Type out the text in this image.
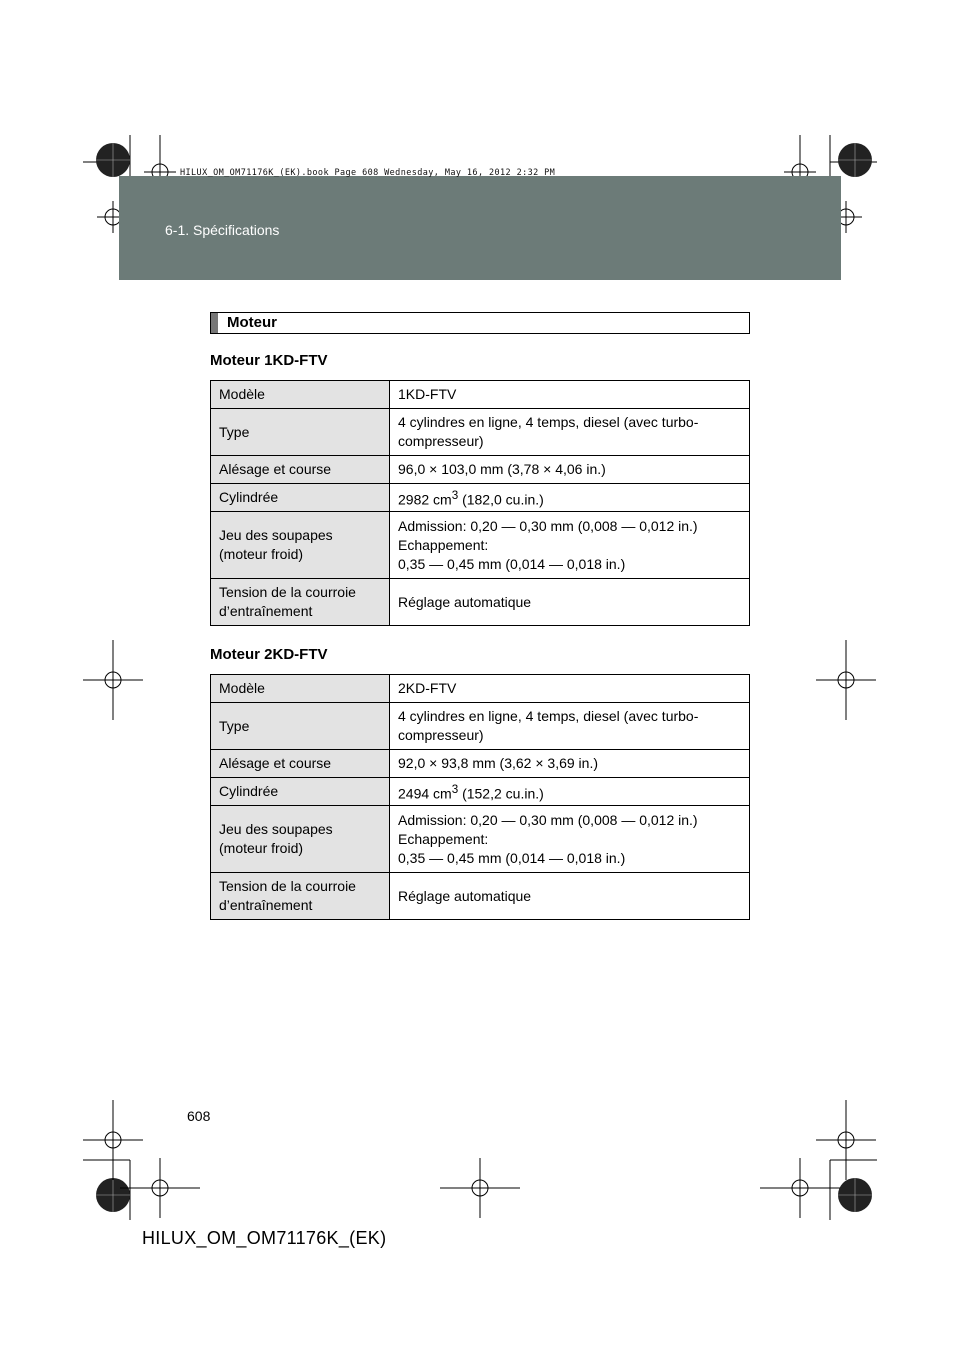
6-1. Spécifications
HILUX_OM_OM71176K_(EK).book Page 608 Wednesday, May 16, 2012 2:32 PM
Moteur
Moteur 1KD-FTV
Modèle	1KD-FTV
Type	4 cylindres en ligne, 4 temps, diesel (avec turbo-
compresseur)
Alésage et course	96,0 × 103,0 mm (3,78 × 4,06 in.)
Cylindrée	2982 $cm^3$ (182,0 cu.in.)
Jeu des soupapes
(moteur froid)	Admission: 0,20 — 0,30 mm (0,008 — 0,012 in.)
Echappement:
0,35 — 0,45 mm (0,014 — 0,018 in.)
Tension de la courroie
d’entraînement	Réglage automatique
Moteur 2KD-FTV
Modèle	2KD-FTV
Type	4 cylindres en ligne, 4 temps, diesel (avec turbo-
compresseur)
Alésage et course	92,0 × 93,8 mm (3,62 × 3,69 in.)
Cylindrée	2494 $cm^3$ (152,2 cu.in.)
Jeu des soupapes
(moteur froid)	Admission: 0,20 — 0,30 mm (0,008 — 0,012 in.)
Echappement:
0,35 — 0,45 mm (0,014 — 0,018 in.)
Tension de la courroie
d’entraînement	Réglage automatique
608
HILUX_OM_OM71176K_(EK)
